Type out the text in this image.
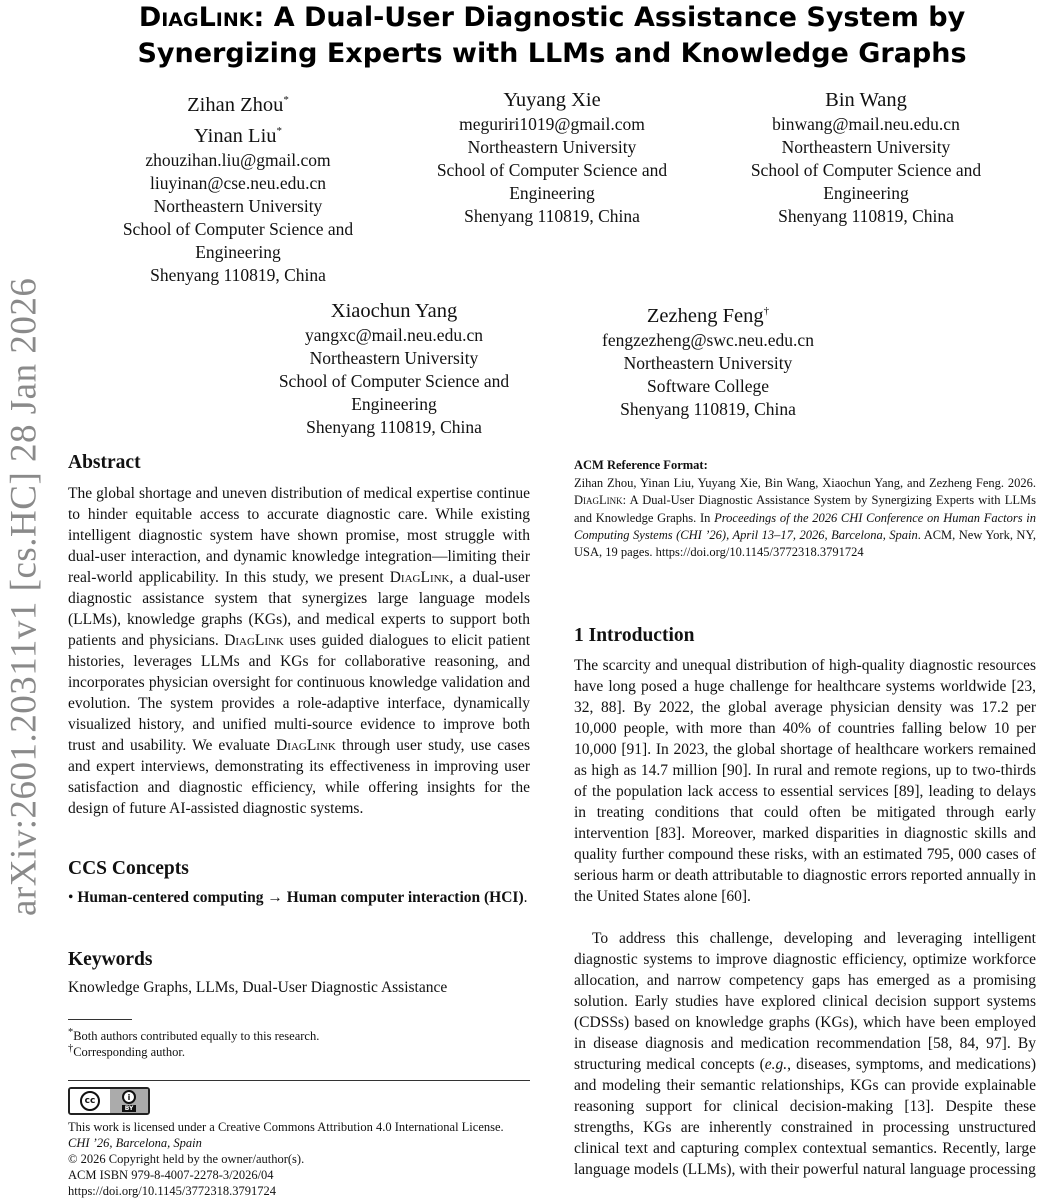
arXiv:2601.20311v1 [cs.HC] 28 Jan 2026
DiagLink: A Dual-User Diagnostic Assistance System by
Synergizing Experts with LLMs and Knowledge Graphs
Zihan Zhou*
Yinan Liu*
zhouzihan.liu@gmail.com
liuyinan@cse.neu.edu.cn
Northeastern University
School of Computer Science and
Engineering
Shenyang 110819, China
Yuyang Xie
meguriri1019@gmail.com
Northeastern University
School of Computer Science and
Engineering
Shenyang 110819, China
Bin Wang
binwang@mail.neu.edu.cn
Northeastern University
School of Computer Science and
Engineering
Shenyang 110819, China
Xiaochun Yang
yangxc@mail.neu.edu.cn
Northeastern University
School of Computer Science and
Engineering
Shenyang 110819, China
Zezheng Feng†
fengzezheng@swc.neu.edu.cn
Northeastern University
Software College
Shenyang 110819, China
Abstract

The global shortage and uneven distribution of medical expertise continue to hinder equitable access to accurate diagnostic care. While existing intelligent diagnostic system have shown promise, most struggle with dual-user interaction, and dynamic knowledge integration—limiting their real-world applicability. In this study, we present DiagLink, a dual-user diagnostic assistance system that synergizes large language models (LLMs), knowledge graphs (KGs), and medical experts to support both patients and physicians. DiagLink uses guided dialogues to elicit patient histories, leverages LLMs and KGs for collaborative reasoning, and incorporates physician oversight for continuous knowledge validation and evolution. The system provides a role-adaptive interface, dynamically visualized history, and unified multi-source evidence to improve both trust and usability. We evaluate DiagLink through user study, use cases and expert interviews, demonstrating its effectiveness in improving user satisfaction and diagnostic efficiency, while offering insights for the design of future AI-assisted diagnostic systems.

CCS Concepts

• Human-centered computing → Human computer interaction (HCI).

Keywords

Knowledge Graphs, LLMs, Dual-User Diagnostic Assistance

*Both authors contributed equally to this research.
†Corresponding author.
cc	i
BY
This work is licensed under a Creative Commons Attribution 4.0 International License.
CHI ’26, Barcelona, Spain
© 2026 Copyright held by the owner/author(s).
ACM ISBN 979-8-4007-2278-3/2026/04
https://doi.org/10.1145/3772318.3791724
ACM Reference Format:

Zihan Zhou, Yinan Liu, Yuyang Xie, Bin Wang, Xiaochun Yang, and Zezheng Feng. 2026. DiagLink: A Dual-User Diagnostic Assistance System by Synergizing Experts with LLMs and Knowledge Graphs. In Proceedings of the 2026 CHI Conference on Human Factors in Computing Systems (CHI ’26), April 13–17, 2026, Barcelona, Spain. ACM, New York, NY, USA, 19 pages. https://doi.org/10.1145/3772318.3791724

1 Introduction

The scarcity and unequal distribution of high-quality diagnostic resources have long posed a huge challenge for healthcare systems worldwide [23, 32, 88]. By 2022, the global average physician density was 17.2 per 10,000 people, with more than 40% of countries falling below 10 per 10,000 [91]. In 2023, the global shortage of healthcare workers remained as high as 14.7 million [90]. In rural and remote regions, up to two-thirds of the population lack access to essential services [89], leading to delays in treating conditions that could often be mitigated through early intervention [83]. Moreover, marked disparities in diagnostic skills and quality further compound these risks, with an estimated 795, 000 cases of serious harm or death attributable to diagnostic errors reported annually in the United States alone [60].

To address this challenge, developing and leveraging intelligent diagnostic systems to improve diagnostic efficiency, optimize workforce allocation, and narrow competency gaps has emerged as a promising solution. Early studies have explored clinical decision support systems (CDSSs) based on knowledge graphs (KGs), which have been employed in disease diagnosis and medication recommendation [58, 84, 97]. By structuring medical concepts (e.g., diseases, symptoms, and medications) and modeling their semantic relationships, KGs can provide explainable reasoning support for clinical decision-making [13]. Despite these strengths, KGs are inherently constrained in processing unstructured clinical text and capturing complex contextual semantics. Recently, large language models (LLMs), with their powerful natural language processing
